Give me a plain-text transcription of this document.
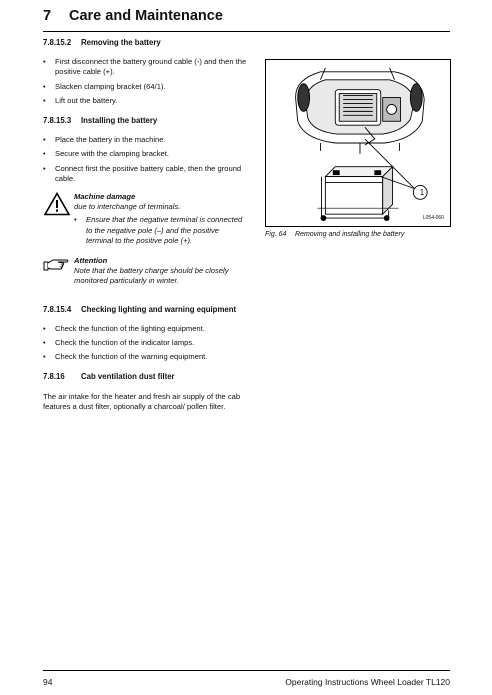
7 Care and Maintenance
7.8.15.2	Removing the battery
• First disconnect the battery ground cable (-) and then the positive cable (+).
• Slacken clamping bracket (64/1).
• Lift out the battery.
7.8.15.3	Installing the battery
• Place the battery in the machine.
• Secure with the clamping bracket.
• Connect first the positive battery cable, then the ground cable.
Machine damage
due to interchange of terminals.
• Ensure that the negative terminal is connected to the negative pole (–) and the positive terminal to the positive pole (+).
Attention
Note that the battery charge should be closely monitored particularly in winter.
7.8.15.4	Checking lighting and warning equipment
• Check the function of the lighting equipment.
• Check the function of the indicator lamps.
• Check the function of the warning equipment.
7.8.16	Cab ventilation dust filter

The air intake for the heater and fresh air supply of the cab features a dust filter, optionally a charcoal/ pollen filter.

1
L054-060
Fig. 64	Removing and installing the battery
94	Operating Instructions Wheel Loader TL120
